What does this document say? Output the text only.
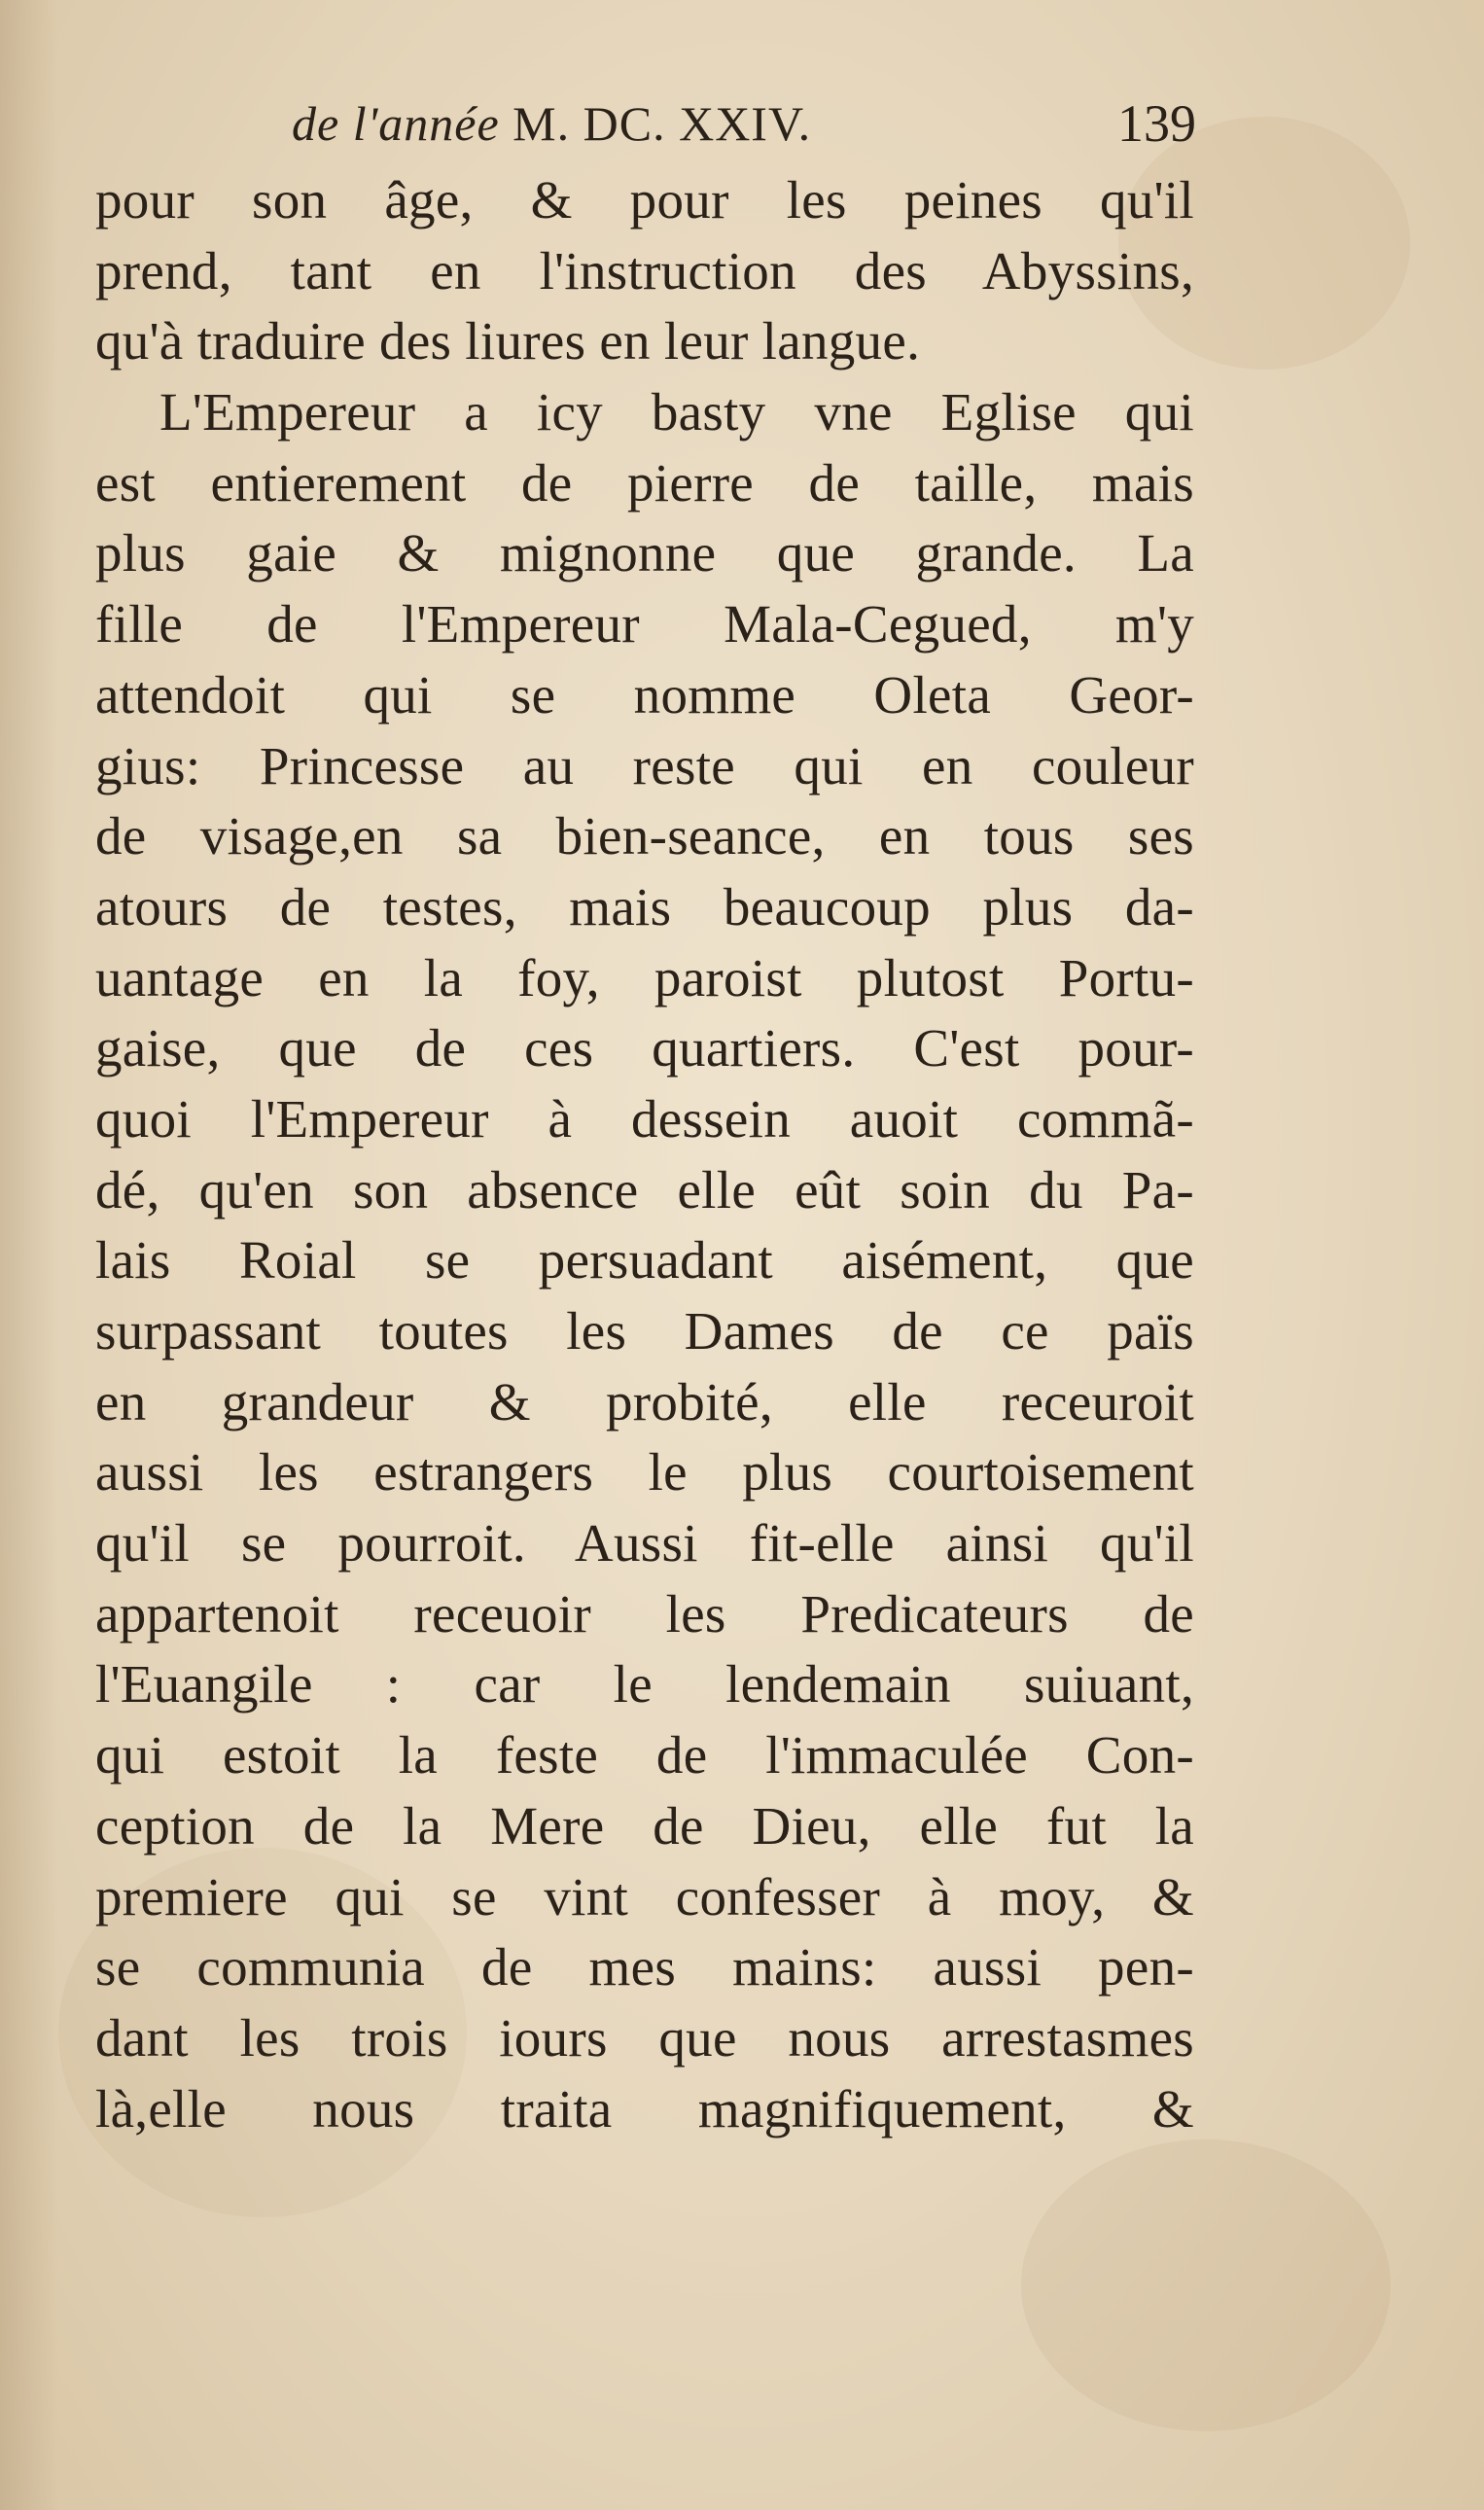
de l'année M. DC. XXIV.	139
pour son âge, & pour les peines qu'il
prend, tant en l'instruction des Abyssins,
qu'à traduire des liures en leur langue.
L'Empereur a icy basty vne Eglise qui
est entierement de pierre de taille, mais
plus gaie & mignonne que grande. La
fille de l'Empereur Mala-Cegued, m'y
attendoit qui se nomme Oleta Geor-
gius: Princesse au reste qui en couleur
de visage,en sa bien-seance, en tous ses
atours de testes, mais beaucoup plus da-
uantage en la foy, paroist plutost Portu-
gaise, que de ces quartiers. C'est pour-
quoi l'Empereur à dessein auoit commã-
dé, qu'en son absence elle eût soin du Pa-
lais Roial se persuadant aisément, que
surpassant toutes les Dames de ce païs
en grandeur & probité, elle receuroit
aussi les estrangers le plus courtoisement
qu'il se pourroit. Aussi fit-elle ainsi qu'il
appartenoit receuoir les Predicateurs de
l'Euangile : car le lendemain suiuant,
qui estoit la feste de l'immaculée Con-
ception de la Mere de Dieu, elle fut la
premiere qui se vint confesser à moy, &
se communia de mes mains: aussi pen-
dant les trois iours que nous arrestasmes
là,elle nous traita magnifiquement, &
